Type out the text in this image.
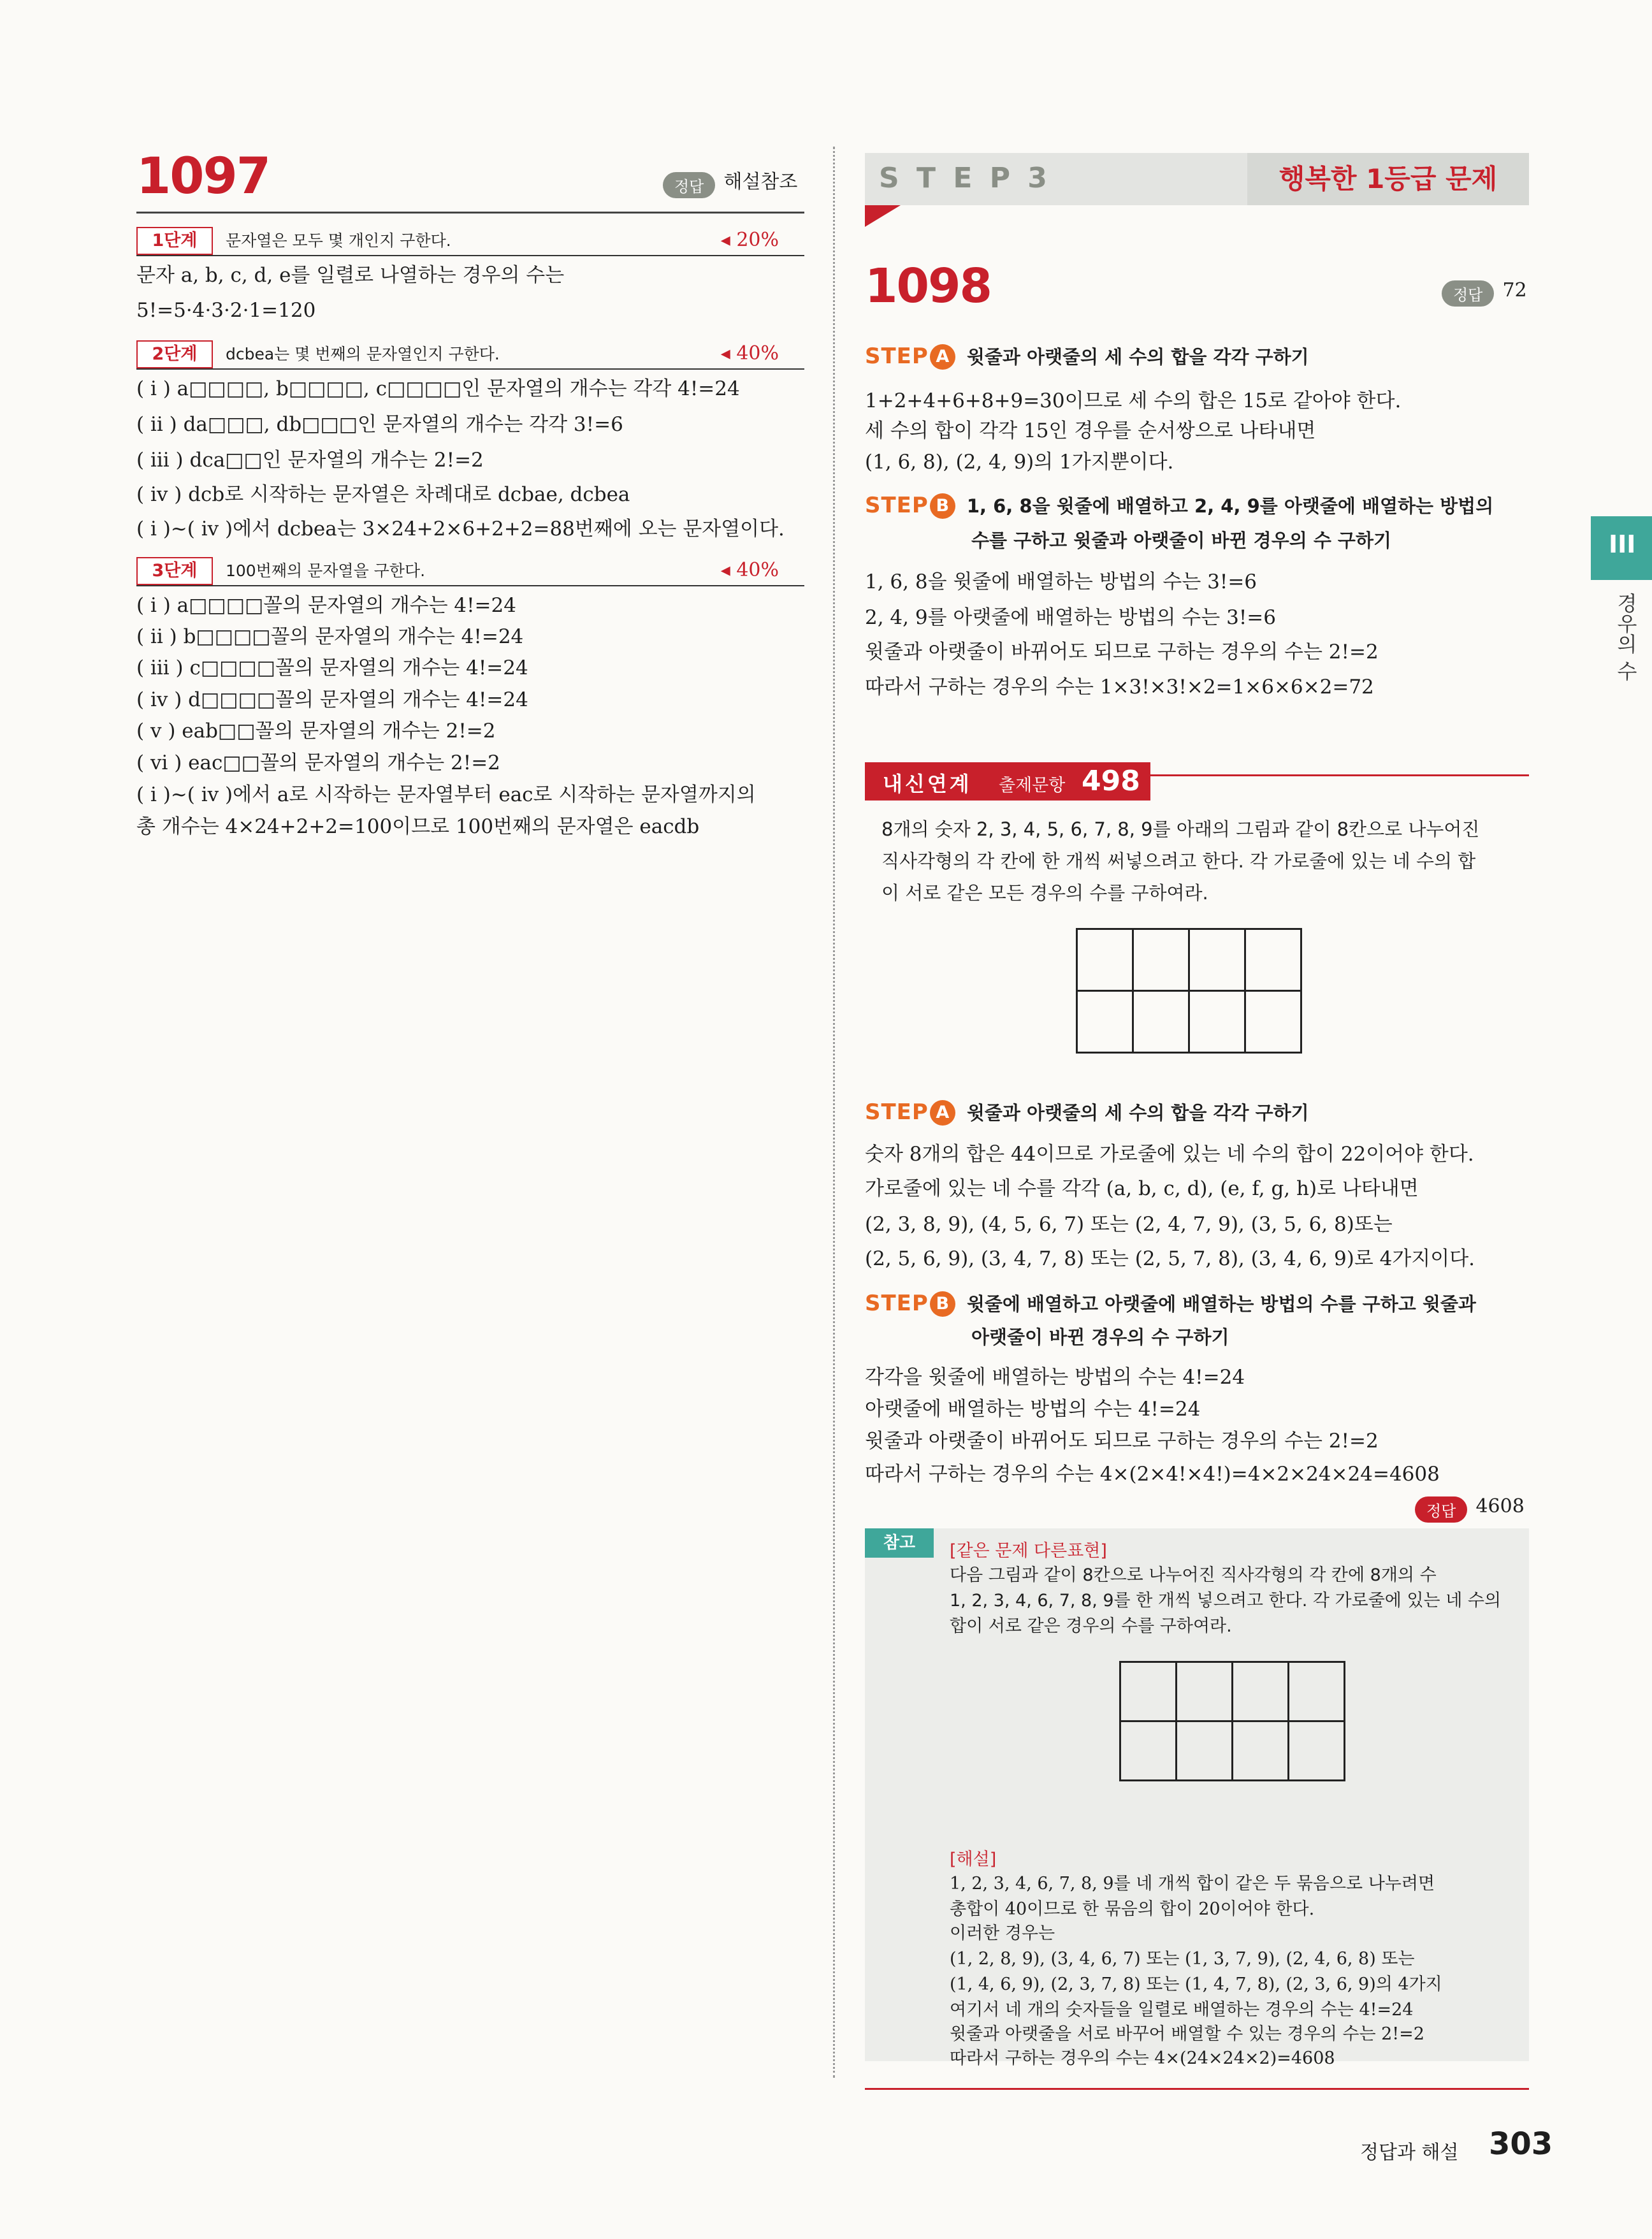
1097	정답 해설참조
1단계	문자열은 모두 몇 개인지 구한다.	◂ 20%
문자 a, b, c, d, e를 일렬로 나열하는 경우의 수는
5!=5·4·3·2·1=120
2단계	dcbea는 몇 번째의 문자열인지 구한다.	◂ 40%
( i ) a□□□□, b□□□□, c□□□□인 문자열의 개수는 각각 4!=24
( ii ) da□□□, db□□□인 문자열의 개수는 각각 3!=6
( iii ) dca□□인 문자열의 개수는 2!=2
( iv ) dcb로 시작하는 문자열은 차례대로 dcbae, dcbea
( i )~( iv )에서 dcbea는 3×24+2×6+2+2=88번째에 오는 문자열이다.
3단계	100번째의 문자열을 구한다.	◂ 40%
( i ) a□□□□꼴의 문자열의 개수는 4!=24
( ii ) b□□□□꼴의 문자열의 개수는 4!=24
( iii ) c□□□□꼴의 문자열의 개수는 4!=24
( iv ) d□□□□꼴의 문자열의 개수는 4!=24
( v ) eab□□꼴의 문자열의 개수는 2!=2
( vi ) eac□□꼴의 문자열의 개수는 2!=2
( i )~( iv )에서 a로 시작하는 문자열부터 eac로 시작하는 문자열까지의
총 개수는 4×24+2+2=100이므로 100번째의 문자열은 eacdb
S T E P 3	행복한 1등급 문제
1098	정답 72
STEP A 윗줄과 아랫줄의 세 수의 합을 각각 구하기
1+2+4+6+8+9=30이므로 세 수의 합은 15로 같아야 한다.
세 수의 합이 각각 15인 경우를 순서쌍으로 나타내면
(1, 6, 8), (2, 4, 9)의 1가지뿐이다.
STEP B 1, 6, 8을 윗줄에 배열하고 2, 4, 9를 아랫줄에 배열하는 방법의
수를 구하고 윗줄과 아랫줄이 바뀐 경우의 수 구하기
1, 6, 8을 윗줄에 배열하는 방법의 수는 3!=6
2, 4, 9를 아랫줄에 배열하는 방법의 수는 3!=6
윗줄과 아랫줄이 바뀌어도 되므로 구하는 경우의 수는 2!=2
따라서 구하는 경우의 수는 1×3!×3!×2=1×6×6×2=72
내신연계 출제문항 498
8개의 숫자 2, 3, 4, 5, 6, 7, 8, 9를 아래의 그림과 같이 8칸으로 나누어진
직사각형의 각 칸에 한 개씩 써넣으려고 한다. 각 가로줄에 있는 네 수의 합
이 서로 같은 모든 경우의 수를 구하여라.

STEP A 윗줄과 아랫줄의 세 수의 합을 각각 구하기
숫자 8개의 합은 44이므로 가로줄에 있는 네 수의 합이 22이어야 한다.
가로줄에 있는 네 수를 각각 (a, b, c, d), (e, f, g, h)로 나타내면
(2, 3, 8, 9), (4, 5, 6, 7) 또는 (2, 4, 7, 9), (3, 5, 6, 8)또는
(2, 5, 6, 9), (3, 4, 7, 8) 또는 (2, 5, 7, 8), (3, 4, 6, 9)로 4가지이다.
STEP B 윗줄에 배열하고 아랫줄에 배열하는 방법의 수를 구하고 윗줄과
아랫줄이 바뀐 경우의 수 구하기
각각을 윗줄에 배열하는 방법의 수는 4!=24
아랫줄에 배열하는 방법의 수는 4!=24
윗줄과 아랫줄이 바뀌어도 되므로 구하는 경우의 수는 2!=2
따라서 구하는 경우의 수는 4×(2×4!×4!)=4×2×24×24=4608
정답 4608
참고	[같은 문제 다른표현]
다음 그림과 같이 8칸으로 나누어진 직사각형의 각 칸에 8개의 수
1, 2, 3, 4, 6, 7, 8, 9를 한 개씩 넣으려고 한다. 각 가로줄에 있는 네 수의
합이 서로 같은 경우의 수를 구하여라.

[해설]
1, 2, 3, 4, 6, 7, 8, 9를 네 개씩 합이 같은 두 묶음으로 나누려면
총합이 40이므로 한 묶음의 합이 20이어야 한다.
이러한 경우는
(1, 2, 8, 9), (3, 4, 6, 7) 또는 (1, 3, 7, 9), (2, 4, 6, 8) 또는
(1, 4, 6, 9), (2, 3, 7, 8) 또는 (1, 4, 7, 8), (2, 3, 6, 9)의 4가지
여기서 네 개의 숫자들을 일렬로 배열하는 경우의 수는 4!=24
윗줄과 아랫줄을 서로 바꾸어 배열할 수 있는 경우의 수는 2!=2
따라서 구하는 경우의 수는 4×(24×24×2)=4608
III
경우의 수
정답과 해설 303
